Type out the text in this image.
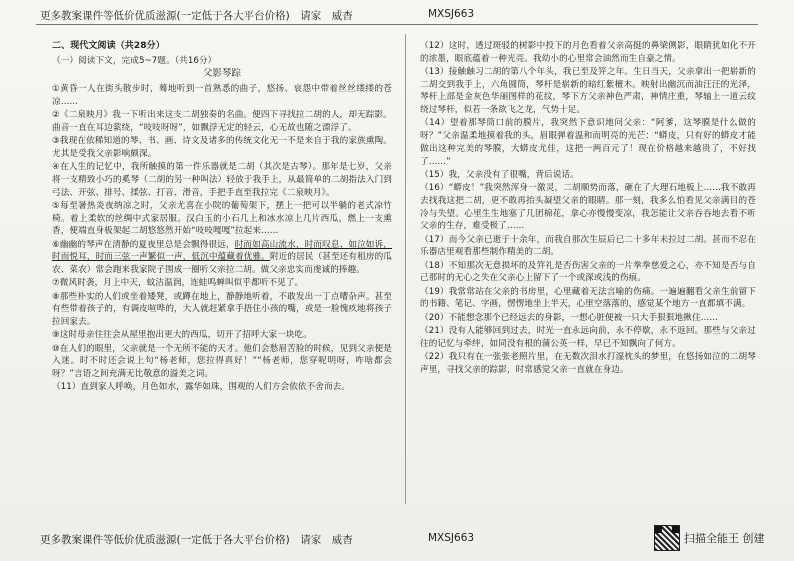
更多教案课件等低价优质滋源(一定低于各大平台价格)　请家　威杳	MXSJ663

二、现代文阅读（共28分）

（一）阅读下文，完成5~7题。（共16分）

父影琴踪

①黄昏一人在街头散步时，蓦地听到一首熟悉的曲子，悠扬、哀怨中带着丝丝缕缕的苍凉……

②《二泉映月》我一下听出来这支二胡独奏的名曲。便四下寻找拉二胡的人，却无踪影。曲音一直在耳边萦绕，“吱吱呀呀”，如飘浮无定的轻云，心无故也随之漂浮了。

③我现在依稀知道的琴、书、画、诗文及诸多的传统文化无一不是来自于我的家族熏陶。尤其是受我父亲影响颇深。

④在人生的记忆中，我所触摸的第一件乐器就是二胡（其次是古琴）。那年是七岁，父亲将一支精致小巧的奚琴（二胡的另一种叫法）轻放于我手上，从最简单的二胡指法入门到弓法、开弦、排号、揉弦、打音、滑音，手把手直至我拉完《二泉映月》。

⑤每至暑热炎夜纳凉之时，父亲尤喜在小院的葡萄架下，摆上一把可以半躺的老式凉竹椅。着上柔软的丝绸中式家居服。汉白玉的小石几上和冰水凉上几片西瓜，燃上一支熏香，便端直身板架起二胡悠悠然开始“吱吱嘎嘎”拉起来……

⑥幽幽的琴声在清静的夏夜里总是会飘得很远，时而如高山流水，时而叹息、如泣如诉，时而悦耳，时而三弦一声繁似一声，低沉中蕴藏着优雅。附近的居民（甚至还有租房的瓜农、菜农）常会跑来我家院子围成一圈听父亲拉二胡。做父亲忠实而虔诚的捧趣。

⑦微风时袭，月上中天，蚊洁温润，连蛙鸣蝉叫似乎都听不见了。

⑧那些朴实的人们或坐着矮凳，或蹲在地上，静静地听着，不敢发出一丁点嘈杂声。甚至有些带着孩子的，有调皮喧哗的，大人就赶紧拿手捂住小孩的嘴，或是一脸愧疚地将孩子拉回家去。

⑨这时母亲往往会从屋里抱出更大的西瓜，切开了招呼大家一块吃。

⑩在人们的眼里，父亲就是一个无所不能的天才。他们会愁眉苦脸的时候，见到父亲便是入迷。时不时还会说上句“杨老师，您拉得真好！”“杨老师，您穿呢明呀，咋啥都会呀？”言语之间充满无比敬意的溢美之词。

（11）直到家人呼唤，月色如水，露华如珠，围观的人们方会依依不舍而去。

（12）这时，透过斑驳的树影中投下的月色看着父亲高挺的鼻梁侧影，眼睛犹如化不开的浓墨，眼底蕴着一种光亮。我幼小的心里常会油然而生自豪之情。

（13）接触触习二胡的第八个年头，我已至及笄之年。生日当天，父亲拿出一把崭新的二胡交到我手上，六角圆筒，琴杆是崭新的暗红紫檀木。映射出幽沉而油汪汪的光泽，琴杆上部是金灰色华丽图样的花纹，琴下方父亲神色严肃，神情庄重，琴轴上一道云纹绕过琴杆，似若一条欲飞之龙，气势十足。

（14）望着那琴筒口前的膜片，我突然下意识地问父亲：“阿爹，这琴膜是什么做的呀？”父亲温柔地摸着我的头，眉眼弹着温和而明亮的光芒：“蟒皮，只有好的蟒皮才能做出这种完美的琴膜，大蟒皮尤佳，这把一两百元了！现在价格越来越贵了，不好找了……”

（15）我，父亲没有了很嘴，背后说话。

（16）“蟒皮！”我突然浑身一激灵，二胡顺势而落，砸在了大理石地板上……我不敢再去找我这把二胡，更不敢再抬头凝望父亲的眼睛。那一刻，我多么怕看见父亲满目的苍冷与失望。心里生生地塞了几团棉花，拿心亦慢慢变凉，我怎能让父亲吞吞地去看不听父亲的生存，难受极了……

（17）而今父亲已逝于十余年，而我自那次生辰后已二十多年未拉过二胡。甚而不忍在乐器店里观看那些制作精美的二胡。

（18）不知那次无意损坏的及笄礼是否伤害父亲的一片拳拳慈爱之心，亦不知是否与自己那时的无心之失在父亲心上留下了一个或深或浅的伤痕。

（19）我常常站在父亲的书房里，心里藏着无法言喻的伤痛。一遍遍翻看父亲生前留下的书籍、笔记、字画，愣愣地坐上半天，心里空落落的，感觉某个地方一直都填不满。

（20）不能想念那个已经远去的身影，一想心脏便被一只大手狠狠地揪住……

（21）没有人能够回到过去，时光一直永远向前，永不停歇，永不返回。那些与父亲过往的记忆与牵绊，如同没有根的蒲公英一样，早已不知飘向了何方。

（22）我只有在一张张老照片里，在无数次泪水打湿枕头的梦里，在悠扬如泣的二胡琴声里，寻找父亲的踪影，时常感觉父亲一直就在身边。

更多教案课件等低价优质滋源(一定低于各大平台价格)　请家　威杳	MXSJ663	扫描全能王 创建
